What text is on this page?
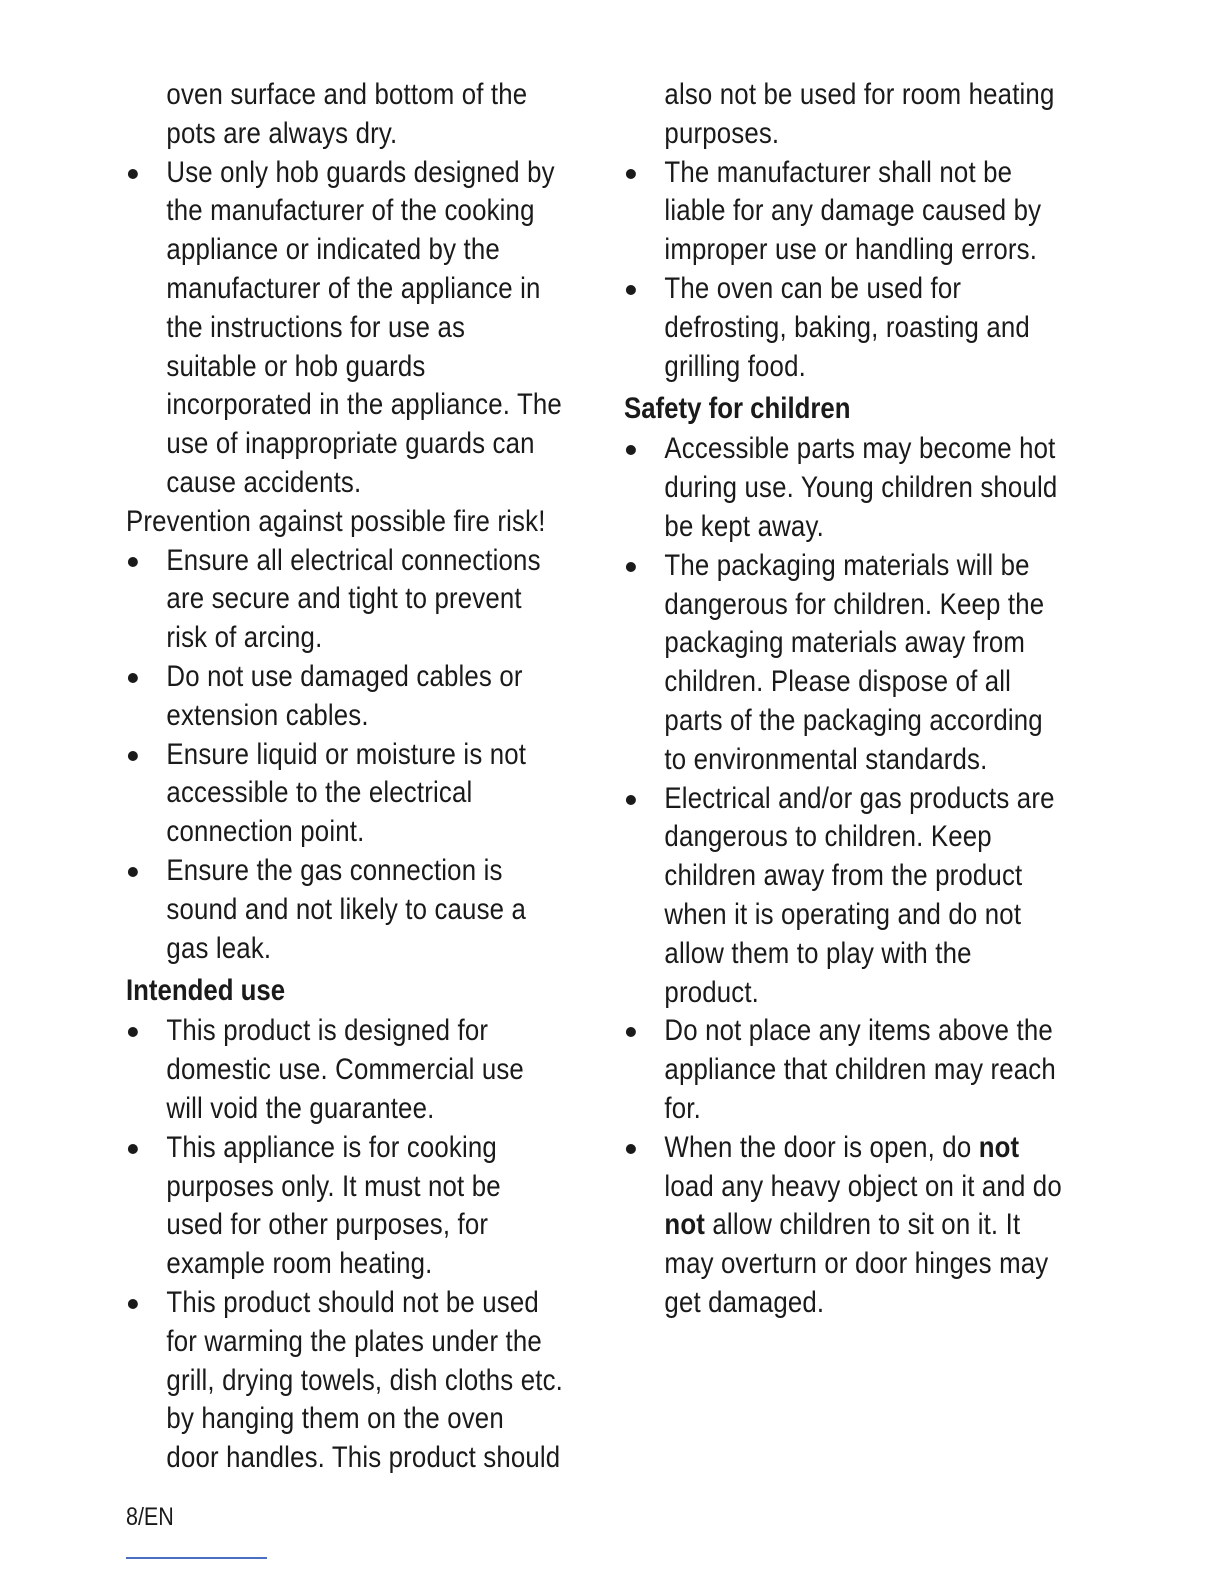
oven surface and bottom of the
pots are always dry.
Use only hob guards designed by
the manufacturer of the cooking
appliance or indicated by the
manufacturer of the appliance in
the instructions for use as
suitable or hob guards
incorporated in the appliance. The
use of inappropriate guards can
cause accidents.
Prevention against possible fire risk!
Ensure all electrical connections
are secure and tight to prevent
risk of arcing.
Do not use damaged cables or
extension cables.
Ensure liquid or moisture is not
accessible to the electrical
connection point.
Ensure the gas connection is
sound and not likely to cause a
gas leak.
Intended use
This product is designed for
domestic use. Commercial use
will void the guarantee.
This appliance is for cooking
purposes only. It must not be
used for other purposes, for
example room heating.
This product should not be used
for warming the plates under the
grill, drying towels, dish cloths etc.
by hanging them on the oven
door handles. This product should
also not be used for room heating
purposes.
The manufacturer shall not be
liable for any damage caused by
improper use or handling errors.
The oven can be used for
defrosting, baking, roasting and
grilling food.
Safety for children
Accessible parts may become hot
during use. Young children should
be kept away.
The packaging materials will be
dangerous for children. Keep the
packaging materials away from
children. Please dispose of all
parts of the packaging according
to environmental standards.
Electrical and/or gas products are
dangerous to children. Keep
children away from the product
when it is operating and do not
allow them to play with the
product.
Do not place any items above the
appliance that children may reach
for.
When the door is open, do not
load any heavy object on it and do
not allow children to sit on it. It
may overturn or door hinges may
get damaged.
8/EN
